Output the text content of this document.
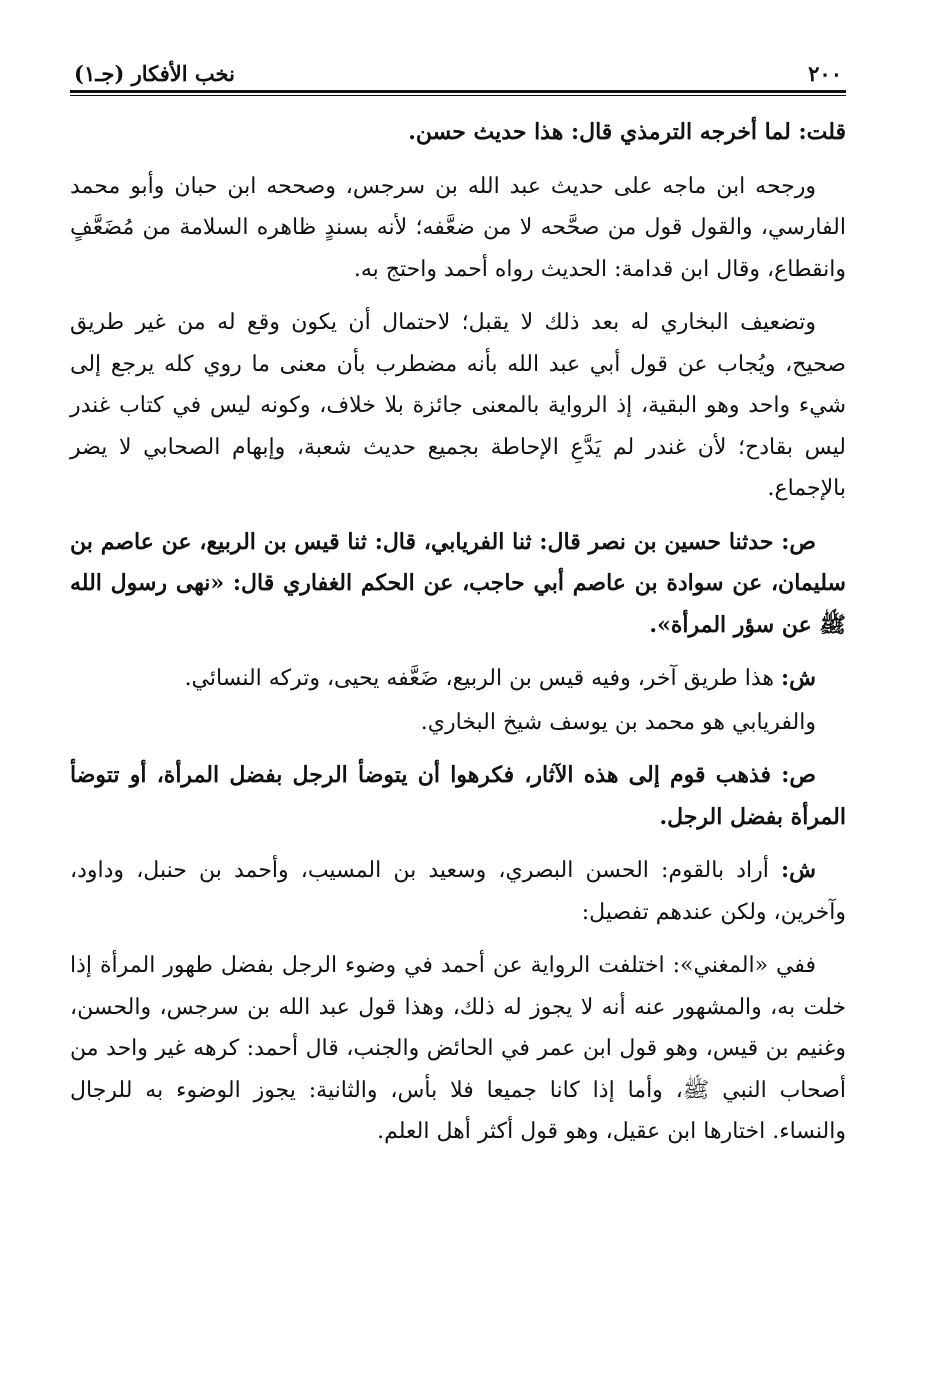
٢٠٠
نخب الأفكار (جـ١)

قلت: لما أخرجه الترمذي قال: هذا حديث حسن.

ورجحه ابن ماجه على حديث عبد الله بن سرجس، وصححه ابن حبان وأبو محمد الفارسي، والقول قول من صحَّحه لا من ضعَّفه؛ لأنه بسندٍ ظاهره السلامة من مُضَعَّفٍ وانقطاع، وقال ابن قدامة: الحديث رواه أحمد واحتج به.

وتضعيف البخاري له بعد ذلك لا يقبل؛ لاحتمال أن يكون وقع له من غير طريق صحيح، ويُجاب عن قول أبي عبد الله بأنه مضطرب بأن معنى ما روي كله يرجع إلى شيء واحد وهو البقية، إذ الرواية بالمعنى جائزة بلا خلاف، وكونه ليس في كتاب غندر ليس بقادح؛ لأن غندر لم يَدَّعِ الإحاطة بجميع حديث شعبة، وإبهام الصحابي لا يضر بالإجماع.

ص: حدثنا حسين بن نصر قال: ثنا الفريابي، قال: ثنا قيس بن الربيع، عن عاصم بن سليمان، عن سوادة بن عاصم أبي حاجب، عن الحكم الغفاري قال: «نهى رسول الله ﷺ عن سؤر المرأة».

ش: هذا طريق آخر، وفيه قيس بن الربيع، ضَعَّفه يحيى، وتركه النسائي.

والفريابي هو محمد بن يوسف شيخ البخاري.

ص: فذهب قوم إلى هذه الآثار، فكرهوا أن يتوضأ الرجل بفضل المرأة، أو تتوضأ المرأة بفضل الرجل.

ش: أراد بالقوم: الحسن البصري، وسعيد بن المسيب، وأحمد بن حنبل، وداود، وآخرين، ولكن عندهم تفصيل:

ففي «المغني»: اختلفت الرواية عن أحمد في وضوء الرجل بفضل طهور المرأة إذا خلت به، والمشهور عنه أنه لا يجوز له ذلك، وهذا قول عبد الله بن سرجس، والحسن، وغنيم بن قيس، وهو قول ابن عمر في الحائض والجنب، قال أحمد: كرهه غير واحد من أصحاب النبي ﷺ، وأما إذا كانا جميعا فلا بأس، والثانية: يجوز الوضوء به للرجال والنساء. اختارها ابن عقيل، وهو قول أكثر أهل العلم.
